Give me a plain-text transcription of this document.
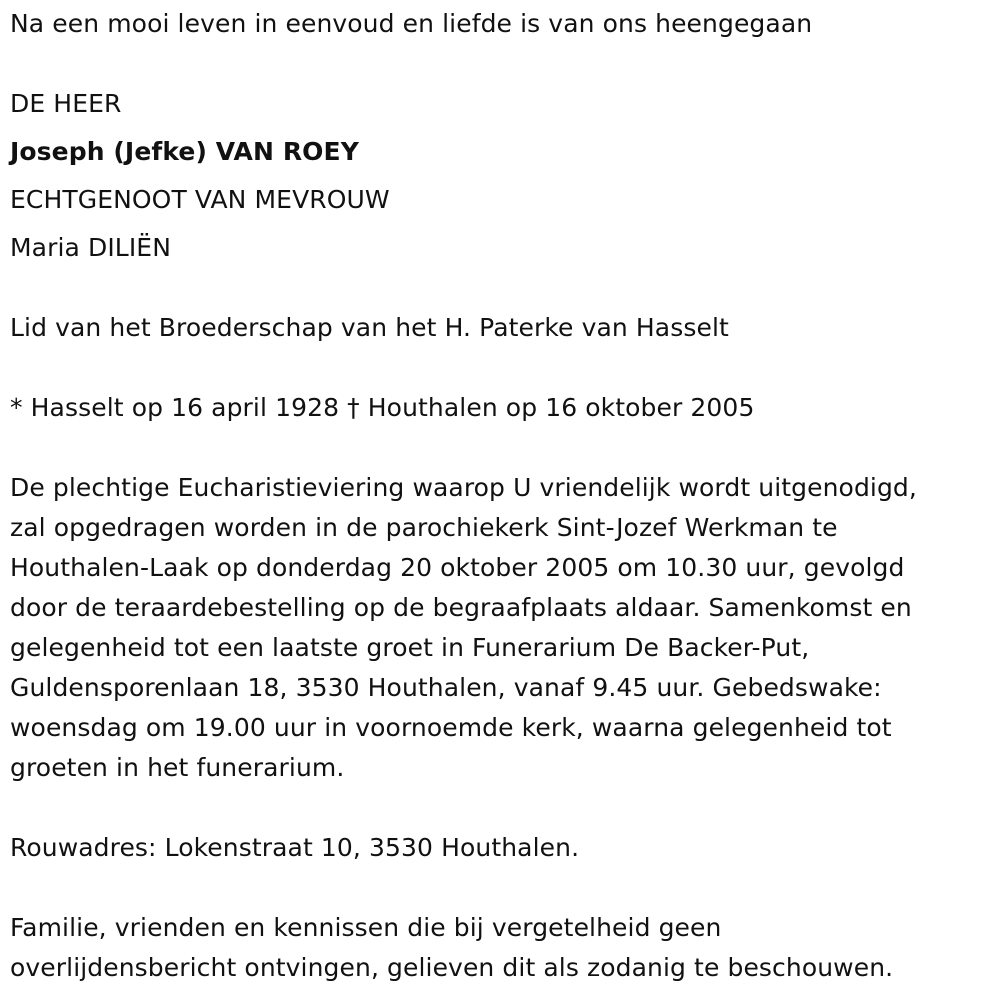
Na een mooi leven in eenvoud en liefde is van ons heengegaan
DE HEER
Joseph (Jefke) VAN ROEY
ECHTGENOOT VAN MEVROUW
Maria DILIËN
Lid van het Broederschap van het H. Paterke van Hasselt
* Hasselt op 16 april 1928 † Houthalen op 16 oktober 2005
De plechtige Eucharistieviering waarop U vriendelijk wordt uitgenodigd,
zal opgedragen worden in de parochiekerk Sint-Jozef Werkman te
Houthalen-Laak op donderdag 20 oktober 2005 om 10.30 uur, gevolgd
door de teraardebestelling op de begraafplaats aldaar. Samenkomst en
gelegenheid tot een laatste groet in Funerarium De Backer-Put,
Guldensporenlaan 18, 3530 Houthalen, vanaf 9.45 uur. Gebedswake:
woensdag om 19.00 uur in voornoemde kerk, waarna gelegenheid tot
groeten in het funerarium.
Rouwadres: Lokenstraat 10, 3530 Houthalen.
Familie, vrienden en kennissen die bij vergetelheid geen
overlijdensbericht ontvingen, gelieven dit als zodanig te beschouwen.
